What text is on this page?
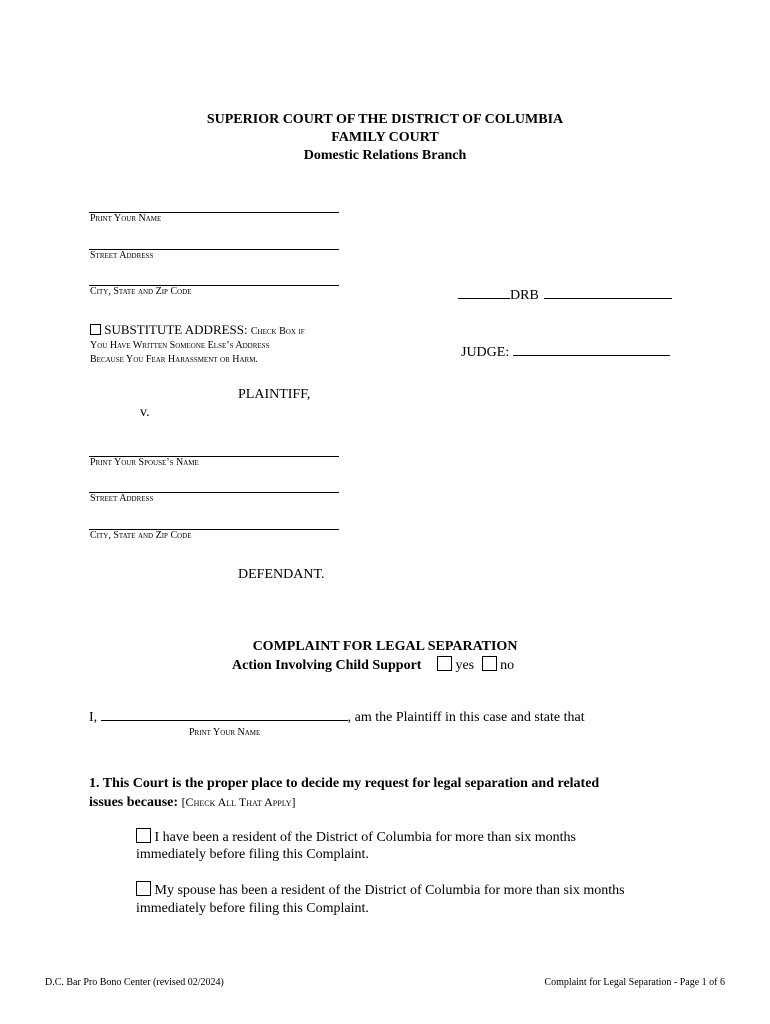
SUPERIOR COURT OF THE DISTRICT OF COLUMBIA
FAMILY COURT
Domestic Relations Branch
Print Your Name
Street Address
City, State and Zip Code
SUBSTITUTE ADDRESS: Check Box if
You Have Written Someone Else’s Address
Because You Fear Harassment or Harm.
PLAINTIFF,
v.
DRB
JUDGE:
Print Your Spouse’s Name
Street Address
City, State and Zip Code
DEFENDANT.
COMPLAINT FOR LEGAL SEPARATION
Action Involving Child Support yes no
I,	, am the Plaintiff in this case and state that
Print Your Name
1. This Court is the proper place to decide my request for legal separation and related
issues because: [Check All That Apply]
I have been a resident of the District of Columbia for more than six months
immediately before filing this Complaint.
My spouse has been a resident of the District of Columbia for more than six months
immediately before filing this Complaint.
D.C. Bar Pro Bono Center (revised 02/2024)	Complaint for Legal Separation - Page 1 of 6
